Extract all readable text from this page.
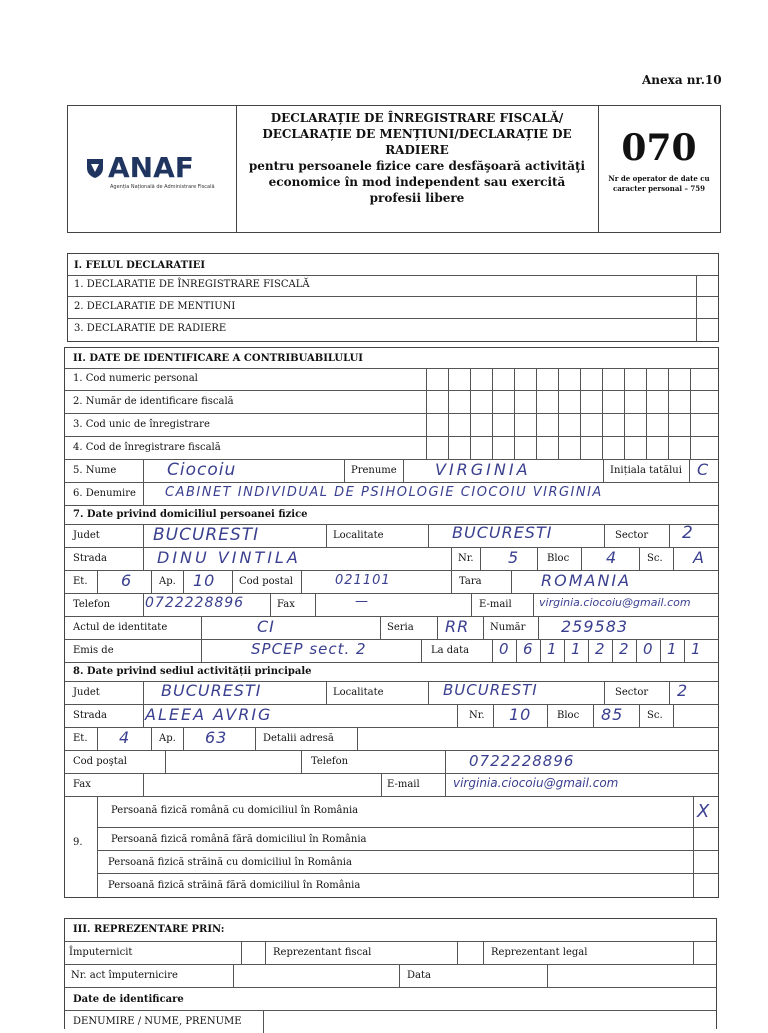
Anexa nr.10
ANAF
Agenția Națională de Administrare Fiscală
DECLARAȚIE DE ÎNREGISTRARE FISCALĂ/ DECLARAȚIE DE MENȚIUNI/DECLARAȚIE DE RADIERE
pentru persoanele fizice care desfăşoară activităţi economice în mod independent sau exercită profesii libere
070
Nr de operator de date cu caracter personal – 759
I. FELUL DECLARATIEI
1. DECLARATIE DE ÎNREGISTRARE FISCALĂ
2. DECLARATIE DE MENTIUNI
3. DECLARATIE DE RADIERE
II. DATE DE IDENTIFICARE A CONTRIBUABILULUI
1. Cod numeric personal
2. Număr de identificare fiscală
3. Cod unic de înregistrare
4. Cod de înregistrare fiscală
5. Nume	Ciocoiu	Prenume VIRGINIA	Inițiala tatălui C
6. Denumire CABINET INDIVIDUAL DE PSIHOLOGIE CIOCOIU VIRGINIA
7. Date privind domiciliul persoanei fizice
Judet	BUCURESTI	Localitate	BUCURESTI	Sector 2
Strada	DINU VINTILA	Nr. 5	Bloc 4	Sc. A
Et. 6	Ap. 10 Cod postal	021101	Tara	ROMANIA
Telefon 0722228896	Fax	—	E-mail virginia.ciocoiu@gmail.com
Actul de identitate	CI	Seria RR Număr 259583
Emis de	SPCEP sect. 2	La data 0 6 1 1 2 2 0 1 1
8. Date privind sediul activității principale
Judet	BUCURESTI	Localitate	BUCURESTI	Sector 2
Strada ALEEA AVRIG	Nr. 10	Bloc 85 Sc.
Et. 4	Ap. 63	Detalii adresă
Cod poştal	Telefon	0722228896
Fax	E-mail	virginia.ciocoiu@gmail.com
9.
Persoană fizică română cu domiciliul în România	X
Persoană fizică română fără domiciliul în România
Persoană fizică străină cu domiciliul în România
Persoană fizică străină fără domiciliul în România
III. REPREZENTARE PRIN:
Împuternicit	Reprezentant fiscal	Reprezentant legal
Nr. act împuternicire	Data
Date de identificare
DENUMIRE / NUME, PRENUME
